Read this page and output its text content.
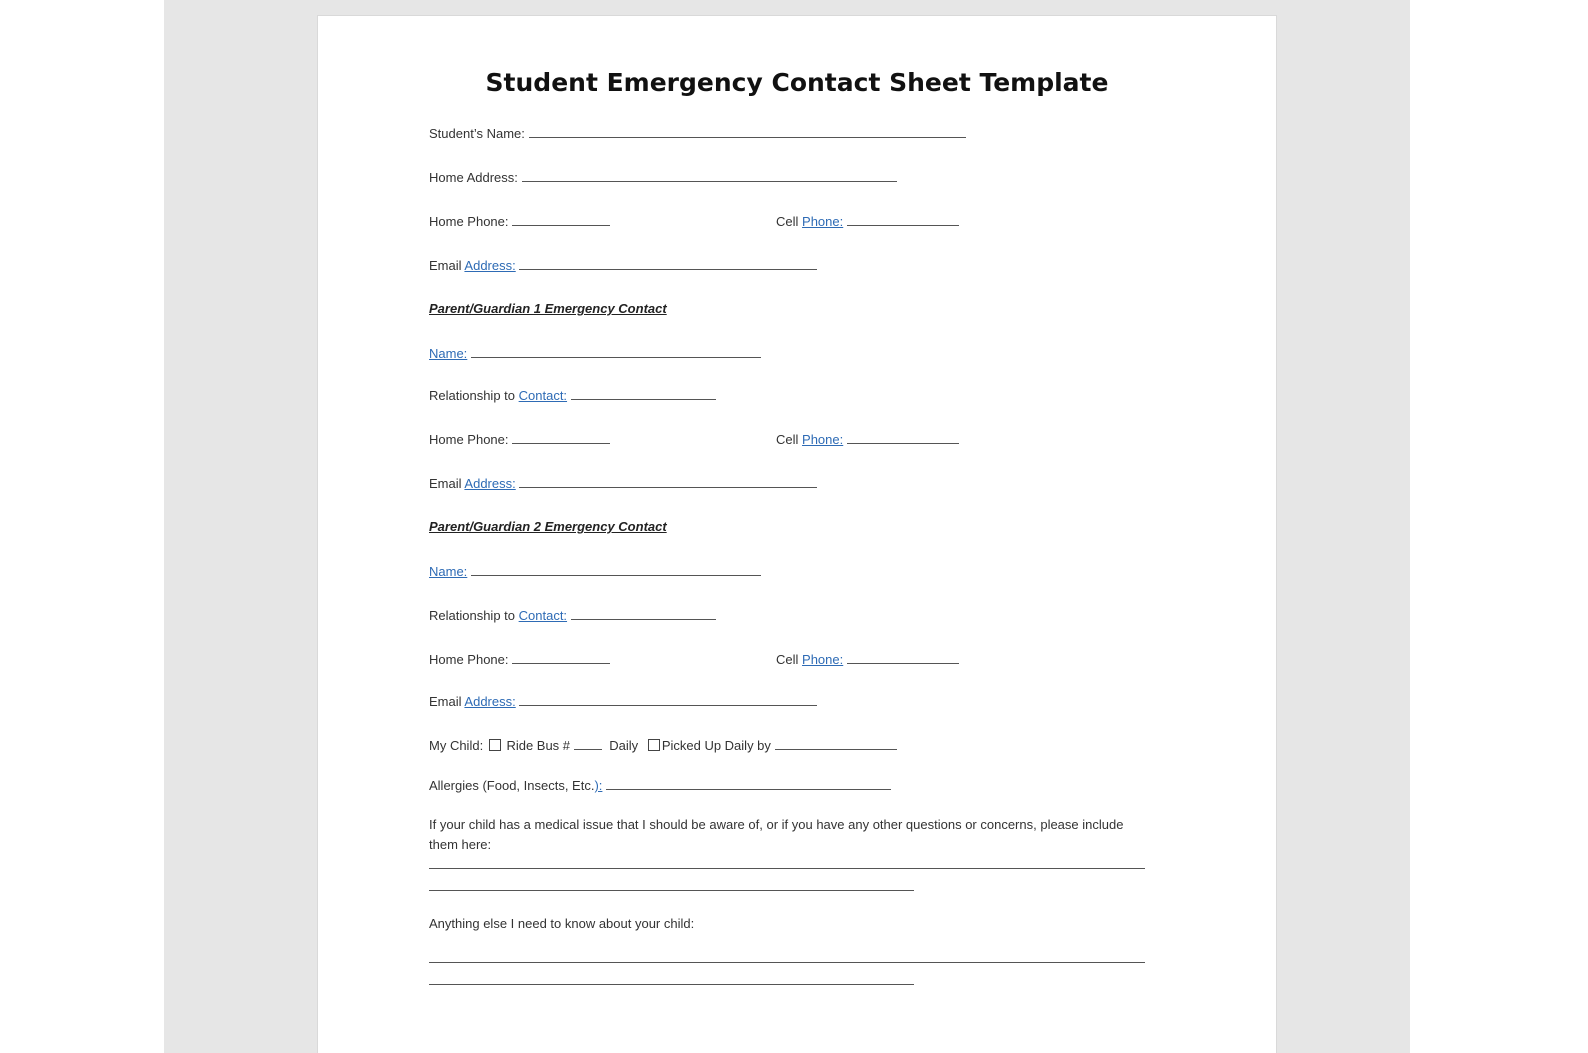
Student Emergency Contact Sheet Template
Student’s Name:
Home Address:
Home Phone:	Cell Phone:
Email Address:
Parent/Guardian 1 Emergency Contact
Name:
Relationship to Contact:
Home Phone:	Cell Phone:
Email Address:
Parent/Guardian 2 Emergency Contact
Name:
Relationship to Contact:
Home Phone:	Cell Phone:
Email Address:
My Child: Ride Bus #	Daily Picked Up Daily by
Allergies (Food, Insects, Etc.):
If your child has a medical issue that I should be aware of, or if you have any other questions or concerns, please include them here:
Anything else I need to know about your child:
